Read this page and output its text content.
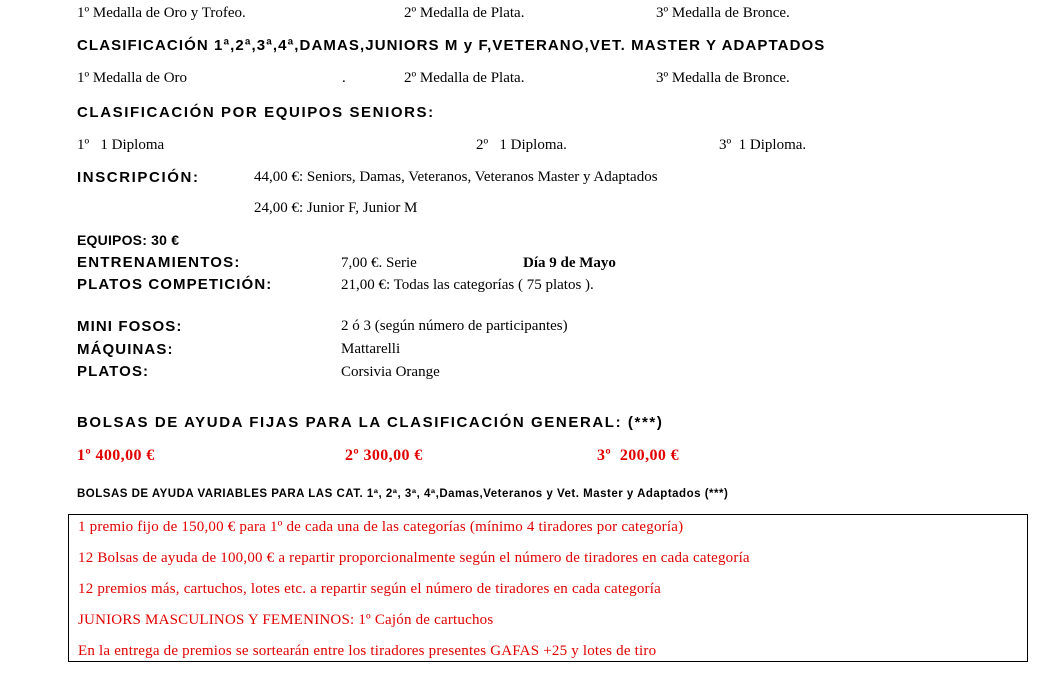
1º Medalla de Oro y Trofeo.	2º Medalla de Plata.	3º Medalla de Bronce.
CLASIFICACIÓN 1ª,2ª,3ª,4ª,DAMAS,JUNIORS M y F,VETERANO,VET. MASTER Y ADAPTADOS
1º Medalla de Oro	.	2º Medalla de Plata.	3º Medalla de Bronce.
CLASIFICACIÓN POR EQUIPOS SENIORS:
1º   1 Diploma	2º   1 Diploma.	3º  1 Diploma.
INSCRIPCIÓN:	44,00 €: Seniors, Damas, Veteranos, Veteranos Master y Adaptados
24,00 €: Junior F, Junior M
EQUIPOS: 30 €
ENTRENAMIENTOS:	7,00 €. Serie	Día 9 de Mayo
PLATOS COMPETICIÓN:	21,00 €: Todas las categorías ( 75 platos ).
MINI FOSOS:	2 ó 3 (según número de participantes)
MÁQUINAS:	Mattarelli
PLATOS:	Corsivia Orange
BOLSAS DE AYUDA FIJAS PARA LA CLASIFICACIÓN GENERAL: (***)
1º 400,00 €	2º 300,00 €	3º  200,00 €
BOLSAS DE AYUDA VARIABLES PARA LAS CAT. 1ª, 2ª, 3ª, 4ª,Damas,Veteranos y Vet. Master y Adaptados (***)
1 premio fijo de 150,00 € para 1º de cada una de las categorías (mínimo 4 tiradores por categoría)
12 Bolsas de ayuda de 100,00 € a repartir proporcionalmente según el número de tiradores en cada categoría
12 premios más, cartuchos, lotes etc. a repartir según el número de tiradores en cada categoría
JUNIORS MASCULINOS Y FEMENINOS: 1º Cajón de cartuchos
En la entrega de premios se sortearán entre los tiradores presentes GAFAS +25 y lotes de tiro
